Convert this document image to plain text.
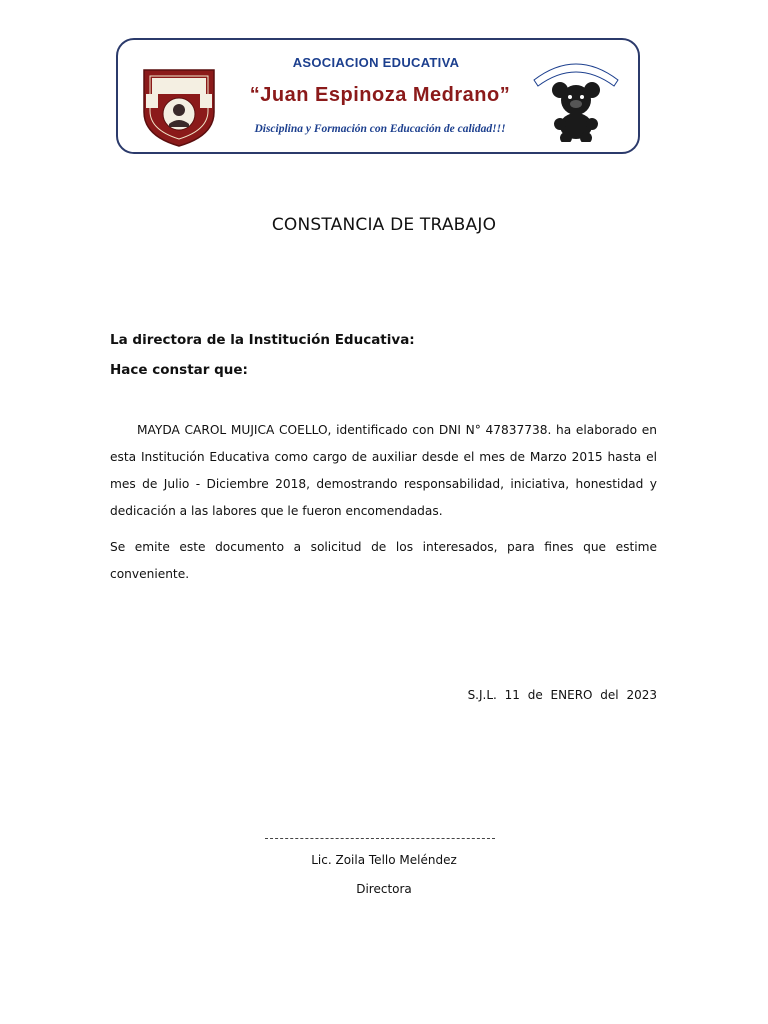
ASOCIACION EDUCATIVA
“Juan Espinoza Medrano”
Disciplina y Formación con Educación de calidad!!!
CONSTANCIA DE TRABAJO
La directora de la Institución Educativa:
Hace constar que:
MAYDA CAROL MUJICA COELLO, identificado con DNI N° 47837738. ha elaborado en esta Institución Educativa como cargo de auxiliar desde el mes de Marzo 2015 hasta el mes de Julio - Diciembre 2018, demostrando responsabilidad, iniciativa, honestidad y dedicación a las labores que le fueron encomendadas.
Se emite este documento a solicitud de los interesados, para fines que estime conveniente.
S.J.L. 11 de ENERO del 2023
Lic. Zoila Tello Meléndez
Directora
